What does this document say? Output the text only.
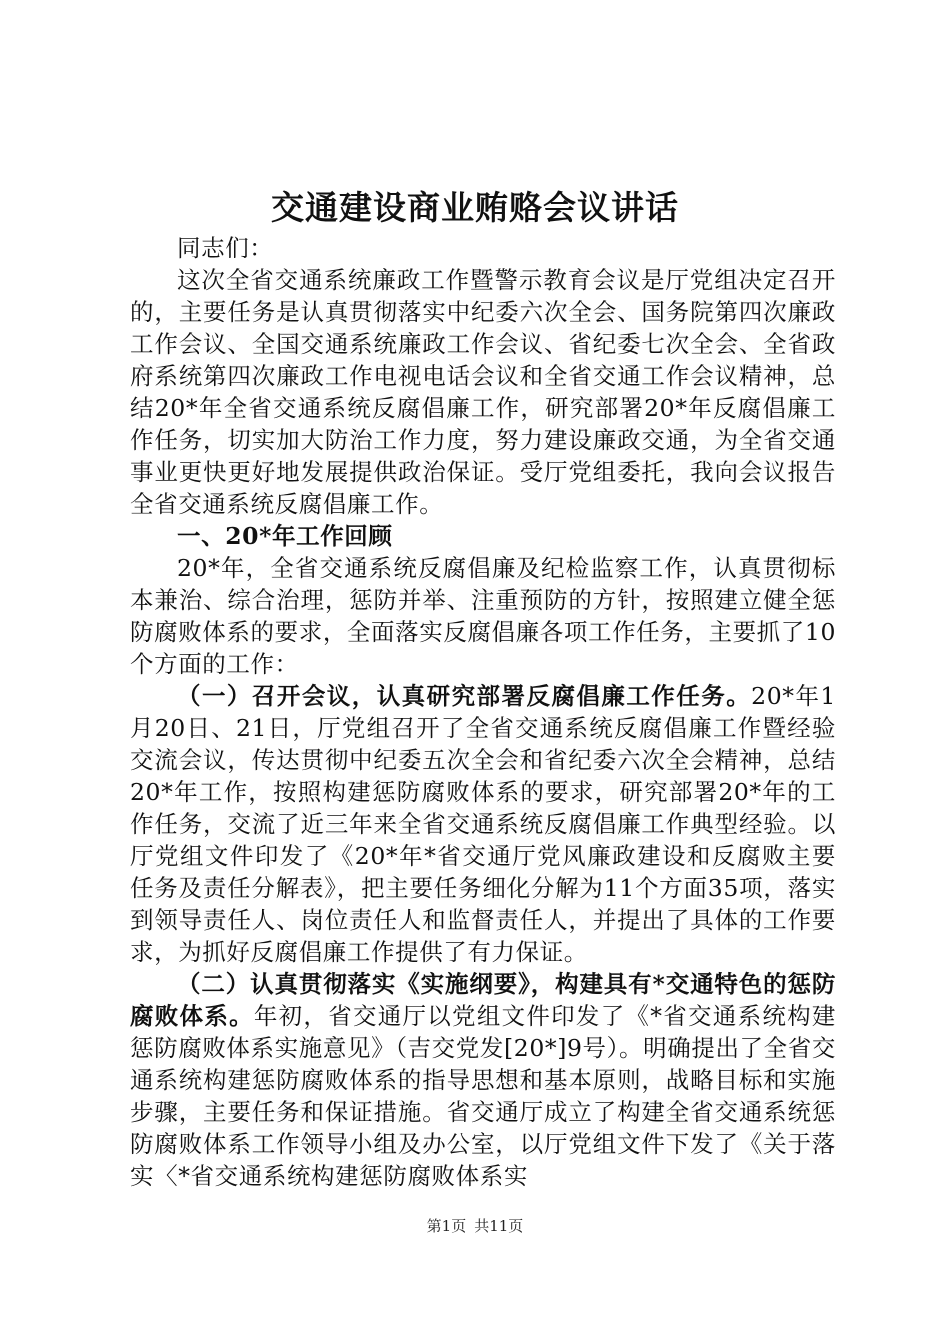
交通建设商业贿赂会议讲话

同志们：

这次全省交通系统廉政工作暨警示教育会议是厅党组决定召开的，主要任务是认真贯彻落实中纪委六次全会、国务院第四次廉政工作会议、全国交通系统廉政工作会议、省纪委七次全会、全省政府系统第四次廉政工作电视电话会议和全省交通工作会议精神，总结20*年全省交通系统反腐倡廉工作，研究部署20*年反腐倡廉工作任务，切实加大防治工作力度，努力建设廉政交通，为全省交通事业更快更好地发展提供政治保证。受厅党组委托，我向会议报告全省交通系统反腐倡廉工作。

一、20*年工作回顾

20*年，全省交通系统反腐倡廉及纪检监察工作，认真贯彻标本兼治、综合治理，惩防并举、注重预防的方针，按照建立健全惩防腐败体系的要求，全面落实反腐倡廉各项工作任务，主要抓了10个方面的工作：

（一）召开会议，认真研究部署反腐倡廉工作任务。20*年1月20日、21日，厅党组召开了全省交通系统反腐倡廉工作暨经验交流会议，传达贯彻中纪委五次全会和省纪委六次全会精神，总结20*年工作，按照构建惩防腐败体系的要求，研究部署20*年的工作任务，交流了近三年来全省交通系统反腐倡廉工作典型经验。以厅党组文件印发了《20*年*省交通厅党风廉政建设和反腐败主要任务及责任分解表》，把主要任务细化分解为11个方面35项，落实到领导责任人、岗位责任人和监督责任人，并提出了具体的工作要求，为抓好反腐倡廉工作提供了有力保证。

（二）认真贯彻落实《实施纲要》，构建具有*交通特色的惩防腐败体系。年初，省交通厅以党组文件印发了《*省交通系统构建惩防腐败体系实施意见》（吉交党发[20*]9号）。明确提出了全省交通系统构建惩防腐败体系的指导思想和基本原则，战略目标和实施步骤，主要任务和保证措施。省交通厅成立了构建全省交通系统惩防腐败体系工作领导小组及办公室，以厅党组文件下发了《关于落实〈*省交通系统构建惩防腐败体系实

第1页 共11页
